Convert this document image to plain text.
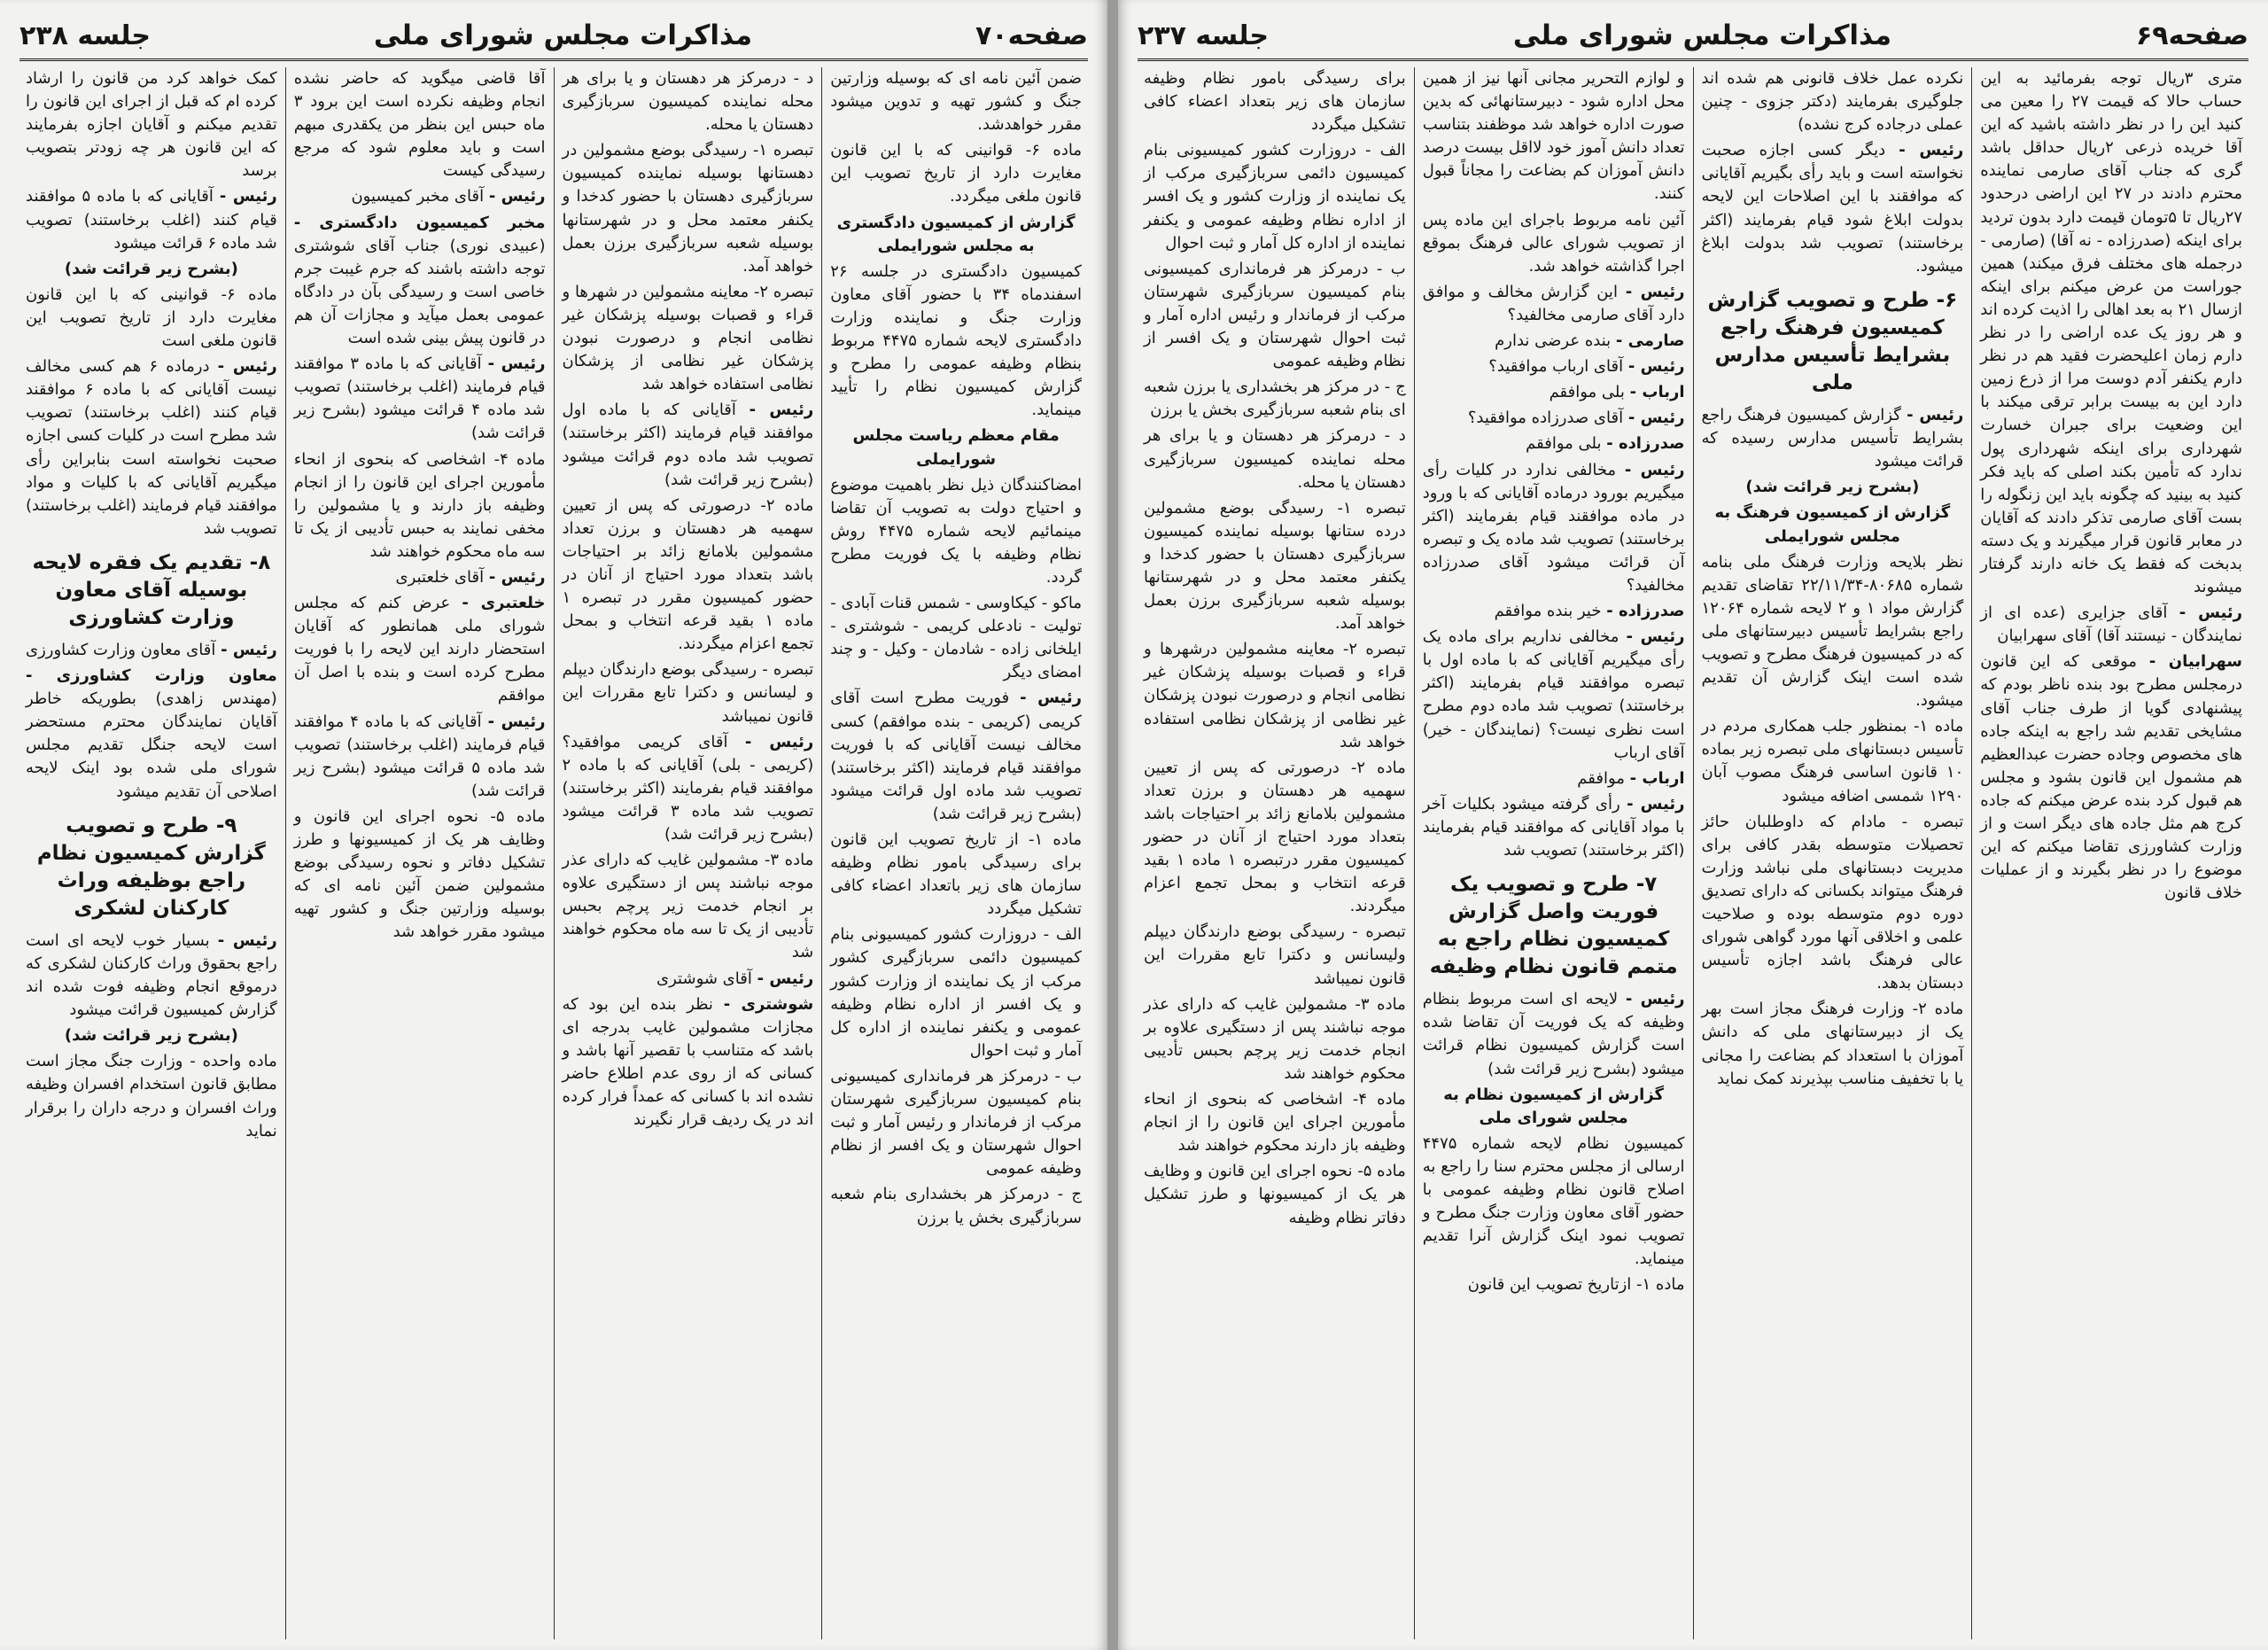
صفحه۷۰
مذاکرات مجلس شورای ملی
جلسه ۲۳۸

ضمن آئین نامه ای که بوسیله وزارتین جنگ و کشور تهیه و تدوین میشود مقرر خواهدشد.

ماده ۶- قوانینی که با این قانون مغایرت دارد از تاریخ تصویب این قانون ملغی میگردد.

گزارش از کمیسیون دادگستری به مجلس شورایملی

کمیسیون دادگستری در جلسه ۲۶ اسفندماه ۳۴ با حضور آقای معاون وزارت جنگ و نماینده وزارت دادگستری لایحه شماره ۴۴۷۵ مربوط بنظام وظیفه عمومی را مطرح و گزارش کمیسیون نظام را تأیید مینماید.

مقام معظم ریاست مجلس شورایملی

امضاکنندگان ذیل نظر باهمیت موضوع و احتیاج دولت به تصویب آن تقاضا مینمائیم لایحه شماره ۴۴۷۵ روش نظام وظیفه با یک فوریت مطرح گردد.

ماکو - کیکاوسی - شمس قنات آبادی - تولیت - نادعلی کریمی - شوشتری - ایلخانی زاده - شادمان - وکیل - و چند امضای دیگر

رئیس - فوریت مطرح است آقای کریمی (کریمی - بنده موافقم) کسی مخالف نیست آقایانی که با فوریت موافقند قیام فرمایند (اکثر برخاستند) تصویب شد ماده اول قرائت میشود (بشرح زیر قرائت شد)

ماده ۱- از تاریخ تصویب این قانون برای رسیدگی بامور نظام وظیفه سازمان های زیر باتعداد اعضاء کافی تشکیل میگردد

الف - دروزارت کشور کمیسیونی بنام کمیسیون دائمی سربازگیری کشور مرکب از یک نماینده از وزارت کشور و یک افسر از اداره نظام وظیفه عمومی و یکنفر نماینده از اداره کل آمار و ثبت احوال

ب - درمرکز هر فرمانداری کمیسیونی بنام کمیسیون سربازگیری شهرستان مرکب از فرماندار و رئیس آمار و ثبت احوال شهرستان و یک افسر از نظام وظیفه عمومی

ج - درمرکز هر بخشداری بنام شعبه سربازگیری بخش یا برزن

د - درمرکز هر دهستان و یا برای هر محله نماینده کمیسیون سربازگیری دهستان یا محله.

تبصره ۱- رسیدگی بوضع مشمولین در دهستانها بوسیله نماینده کمیسیون سربازگیری دهستان با حضور کدخدا و یکنفر معتمد محل و در شهرستانها بوسیله شعبه سربازگیری برزن بعمل خواهد آمد.

تبصره ۲- معاینه مشمولین در شهرها و قراء و قصبات بوسیله پزشکان غیر نظامی انجام و درصورت نبودن پزشکان غیر نظامی از پزشکان نظامی استفاده خواهد شد

رئیس - آقایانی که با ماده اول موافقند قیام فرمایند (اکثر برخاستند) تصویب شد ماده دوم قرائت میشود (بشرح زیر قرائت شد)

ماده ۲- درصورتی که پس از تعیین سهمیه هر دهستان و برزن تعداد مشمولین بلامانع زائد بر احتیاجات باشد بتعداد مورد احتیاج از آنان در حضور کمیسیون مقرر در تبصره ۱ ماده ۱ بقید قرعه انتخاب و بمحل تجمع اعزام میگردند.

تبصره - رسیدگی بوضع دارندگان دیپلم و لیسانس و دکترا تابع مقررات این قانون نمیباشد

رئیس - آقای کریمی موافقید؟ (کریمی - بلی) آقایانی که با ماده ۲ موافقند قیام بفرمایند (اکثر برخاستند) تصویب شد ماده ۳ قرائت میشود (بشرح زیر قرائت شد)

ماده ۳- مشمولین غایب که دارای عذر موجه نباشند پس از دستگیری علاوه بر انجام خدمت زیر پرچم بحبس تأدیبی از یک تا سه ماه محکوم خواهند شد

رئیس - آقای شوشتری

شوشتری - نظر بنده این بود که مجازات مشمولین غایب بدرجه ای باشد که متناسب با تقصیر آنها باشد و کسانی که از روی عدم اطلاع حاضر نشده اند با کسانی که عمداً فرار کرده اند در یک ردیف قرار نگیرند

آقا قاضی میگوید که حاضر نشده انجام وظیفه نکرده است این برود ۳ ماه حبس این بنظر من یکقدری مبهم است و باید معلوم شود که مرجع رسیدگی کیست

رئیس - آقای مخبر کمیسیون

مخبر کمیسیون دادگستری - (عبیدی نوری) جناب آقای شوشتری توجه داشته باشند که جرم غیبت جرم خاصی است و رسیدگی بآن در دادگاه عمومی بعمل میآید و مجازات آن هم در قانون پیش بینی شده است

رئیس - آقایانی که با ماده ۳ موافقند قیام فرمایند (اغلب برخاستند) تصویب شد ماده ۴ قرائت میشود (بشرح زیر قرائت شد)

ماده ۴- اشخاصی که بنحوی از انحاء مأمورین اجرای این قانون را از انجام وظیفه باز دارند و یا مشمولین را مخفی نمایند به حبس تأدیبی از یک تا سه ماه محکوم خواهند شد

رئیس - آقای خلعتبری

خلعتبری - عرض کنم که مجلس شورای ملی همانطور که آقایان استحضار دارند این لایحه را با فوریت مطرح کرده است و بنده با اصل آن موافقم

رئیس - آقایانی که با ماده ۴ موافقند قیام فرمایند (اغلب برخاستند) تصویب شد ماده ۵ قرائت میشود (بشرح زیر قرائت شد)

ماده ۵- نحوه اجرای این قانون و وظایف هر یک از کمیسیونها و طرز تشکیل دفاتر و نحوه رسیدگی بوضع مشمولین ضمن آئین نامه ای که بوسیله وزارتین جنگ و کشور تهیه میشود مقرر خواهد شد

کمک خواهد کرد من قانون را ارشاد کرده ام که قبل از اجرای این قانون را تقدیم میکنم و آقایان اجازه بفرمایند که این قانون هر چه زودتر بتصویب برسد

رئیس - آقایانی که با ماده ۵ موافقند قیام کنند (اغلب برخاستند) تصویب شد ماده ۶ قرائت میشود

(بشرح زیر قرائت شد)

ماده ۶- قوانینی که با این قانون مغایرت دارد از تاریخ تصویب این قانون ملغی است

رئیس - درماده ۶ هم کسی مخالف نیست آقایانی که با ماده ۶ موافقند قیام کنند (اغلب برخاستند) تصویب شد مطرح است در کلیات کسی اجازه صحبت نخواسته است بنابراین رأی میگیریم آقایانی که با کلیات و مواد موافقند قیام فرمایند (اغلب برخاستند) تصویب شد

۸- تقدیم یک فقره لایحه بوسیله آقای معاون وزارت کشاورزی

رئیس - آقای معاون وزارت کشاورزی

معاون وزارت کشاورزی - (مهندس زاهدی) بطوریکه خاطر آقایان نمایندگان محترم مستحضر است لایحه جنگل تقدیم مجلس شورای ملی شده بود اینک لایحه اصلاحی آن تقدیم میشود

۹- طرح و تصویب گزارش کمیسیون نظام راجع بوظیفه وراث کارکنان لشکری

رئیس - بسیار خوب لایحه ای است راجع بحقوق وراث کارکنان لشکری که درموقع انجام وظیفه فوت شده اند گزارش کمیسیون قرائت میشود

(بشرح زیر قرائت شد)

ماده واحده - وزارت جنگ مجاز است مطابق قانون استخدام افسران وظیفه وراث افسران و درجه داران را برقرار نماید

صفحه۶۹
مذاکرات مجلس شورای ملی
جلسه ۲۳۷

متری ۳ریال توجه بفرمائید به این حساب حالا که قیمت ۲۷ را معین می کنید این را در نظر داشته باشید که این آقا خریده ذرعی ۲ریال حداقل باشد گری که جناب آقای صارمی نماینده محترم دادند در ۲۷ این اراضی درحدود ۲۷ریال تا ۵تومان قیمت دارد بدون تردید برای اینکه (صدرزاده - نه آقا) (صارمی - درجمله های مختلف فرق میکند) همین جوراست من عرض میکنم برای اینکه ازسال ۲۱ به بعد اهالی را اذیت کرده اند و هر روز یک عده اراضی را در نظر دارم زمان اعلیحضرت فقید هم در نظر دارم یکنفر آدم دوست مرا از ذرع زمین دارد این به بیست برابر ترقی میکند با این وضعیت برای جبران خسارت شهرداری برای اینکه شهرداری پول ندارد که تأمین بکند اصلی که باید فکر کنید به بینید که چگونه باید این زنگوله را بست آقای صارمی تذکر دادند که آقایان در معابر قانون قرار میگیرند و یک دسته بدبخت که فقط یک خانه دارند گرفتار میشوند

رئیس - آقای جزایری (عده ای از نمایندگان - نیستند آقا) آقای سهرابیان

سهرابیان - موقعی که این قانون درمجلس مطرح بود بنده ناظر بودم که پیشنهادی گویا از طرف جناب آقای مشایخی تقدیم شد راجع به اینکه جاده های مخصوص وجاده حضرت عبدالعظیم هم مشمول این قانون بشود و مجلس هم قبول کرد بنده عرض میکنم که جاده کرج هم مثل جاده های دیگر است و از وزارت کشاورزی تقاضا میکنم که این موضوع را در نظر بگیرند و از عملیات خلاف قانون

نکرده عمل خلاف قانونی هم شده اند جلوگیری بفرمایند (دکتر جزوی - چنین عملی درجاده کرج نشده)

رئیس - دیگر کسی اجازه صحبت نخواسته است و باید رأی بگیریم آقایانی که موافقند با این اصلاحات این لایحه بدولت ابلاغ شود قیام بفرمایند (اکثر برخاستند) تصویب شد بدولت ابلاغ میشود.

۶- طرح و تصویب گزارش کمیسیون فرهنگ راجع بشرایط تأسیس مدارس ملی

رئیس - گزارش کمیسیون فرهنگ راجع بشرایط تأسیس مدارس رسیده که قرائت میشود

(بشرح زیر قرائت شد)

گزارش از کمیسیون فرهنگ به مجلس شورایملی

نظر بلایحه وزارت فرهنگ ملی بنامه شماره ۸۰۶۸۵-۲۲/۱۱/۳۴ تقاضای تقدیم گزارش مواد ۱ و ۲ لایحه شماره ۱۲۰۶۴ راجع بشرایط تأسیس دبیرستانهای ملی که در کمیسیون فرهنگ مطرح و تصویب شده است اینک گزارش آن تقدیم میشود.

ماده ۱- بمنظور جلب همکاری مردم در تأسیس دبستانهای ملی تبصره زیر بماده ۱۰ قانون اساسی فرهنگ مصوب آبان ۱۲۹۰ شمسی اضافه میشود

تبصره - مادام که داوطلبان حائز تحصیلات متوسطه بقدر کافی برای مدیریت دبستانهای ملی نباشد وزارت فرهنگ میتواند بکسانی که دارای تصدیق دوره دوم متوسطه بوده و صلاحیت علمی و اخلاقی آنها مورد گواهی شورای عالی فرهنگ باشد اجازه تأسیس دبستان بدهد.

ماده ۲- وزارت فرهنگ مجاز است بهر یک از دبیرستانهای ملی که دانش آموزان با استعداد کم بضاعت را مجانی یا با تخفیف مناسب بپذیرند کمک نماید

و لوازم التحریر مجانی آنها نیز از همین محل اداره شود - دبیرستانهائی که بدین صورت اداره خواهد شد موظفند بتناسب تعداد دانش آموز خود لااقل بیست درصد دانش آموزان کم بضاعت را مجاناً قبول کنند.

آئین نامه مربوط باجرای این ماده پس از تصویب شورای عالی فرهنگ بموقع اجرا گذاشته خواهد شد.

رئیس - این گزارش مخالف و موافق دارد آقای صارمی مخالفید؟

صارمی - بنده عرضی ندارم

رئیس - آقای ارباب موافقید؟

ارباب - بلی موافقم

رئیس - آقای صدرزاده موافقید؟

صدرزاده - بلی موافقم

رئیس - مخالفی ندارد در کلیات رأی میگیریم بورود درماده آقایانی که با ورود در ماده موافقند قیام بفرمایند (اکثر برخاستند) تصویب شد ماده یک و تبصره آن قرائت میشود آقای صدرزاده مخالفید؟

صدرزاده - خیر بنده موافقم

رئیس - مخالفی نداریم برای ماده یک رأی میگیریم آقایانی که با ماده اول با تبصره موافقند قیام بفرمایند (اکثر برخاستند) تصویب شد ماده دوم مطرح است نظری نیست؟ (نمایندگان - خیر) آقای ارباب

ارباب - موافقم

رئیس - رأی گرفته میشود بکلیات آخر با مواد آقایانی که موافقند قیام بفرمایند (اکثر برخاستند) تصویب شد

۷- طرح و تصویب یک فوریت واصل گزارش کمیسیون نظام راجع به متمم قانون نظام وظیفه

رئیس - لایحه ای است مربوط بنظام وظیفه که یک فوریت آن تقاضا شده است گزارش کمیسیون نظام قرائت میشود (بشرح زیر قرائت شد)

گزارش از کمیسیون نظام به مجلس شورای ملی

کمیسیون نظام لایحه شماره ۴۴۷۵ ارسالی از مجلس محترم سنا را راجع به اصلاح قانون نظام وظیفه عمومی با حضور آقای معاون وزارت جنگ مطرح و تصویب نمود اینک گزارش آنرا تقدیم مینماید.

ماده ۱- ازتاریخ تصویب این قانون

برای رسیدگی بامور نظام وظیفه سازمان های زیر بتعداد اعضاء کافی تشکیل میگردد

الف - دروزارت کشور کمیسیونی بنام کمیسیون دائمی سربازگیری مرکب از یک نماینده از وزارت کشور و یک افسر از اداره نظام وظیفه عمومی و یکنفر نماینده از اداره کل آمار و ثبت احوال

ب - درمرکز هر فرمانداری کمیسیونی بنام کمیسیون سربازگیری شهرستان مرکب از فرماندار و رئیس اداره آمار و ثبت احوال شهرستان و یک افسر از نظام وظیفه عمومی

ج - در مرکز هر بخشداری یا برزن شعبه ای بنام شعبه سربازگیری بخش یا برزن

د - درمرکز هر دهستان و یا برای هر محله نماینده کمیسیون سربازگیری دهستان یا محله.

تبصره ۱- رسیدگی بوضع مشمولین درده ستانها بوسیله نماینده کمیسیون سربازگیری دهستان با حضور کدخدا و یکنفر معتمد محل و در شهرستانها بوسیله شعبه سربازگیری برزن بعمل خواهد آمد.

تبصره ۲- معاینه مشمولین درشهرها و قراء و قصبات بوسیله پزشکان غیر نظامی انجام و درصورت نبودن پزشکان غیر نظامی از پزشکان نظامی استفاده خواهد شد

ماده ۲- درصورتی که پس از تعیین سهمیه هر دهستان و برزن تعداد مشمولین بلامانع زائد بر احتیاجات باشد بتعداد مورد احتیاج از آنان در حضور کمیسیون مقرر درتبصره ۱ ماده ۱ بقید قرعه انتخاب و بمحل تجمع اعزام میگردند.

تبصره - رسیدگی بوضع دارندگان دیپلم ولیسانس و دکترا تابع مقررات این قانون نمیباشد

ماده ۳- مشمولین غایب که دارای عذر موجه نباشند پس از دستگیری علاوه بر انجام خدمت زیر پرچم بحبس تأدیبی محکوم خواهند شد

ماده ۴- اشخاصی که بنحوی از انحاء مأمورین اجرای این قانون را از انجام وظیفه باز دارند محکوم خواهند شد

ماده ۵- نحوه اجرای این قانون و وظایف هر یک از کمیسیونها و طرز تشکیل دفاتر نظام وظیفه
